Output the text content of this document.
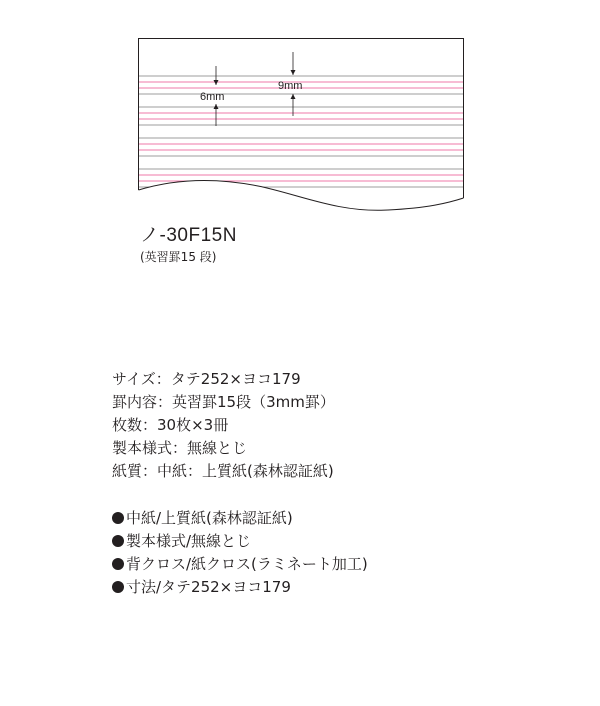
6mm
9mm
ノ-30F15N
(英習罫15 段)
サイズ：タテ252×ヨコ179
罫内容：英習罫15段（3mm罫）
枚数：30枚×3冊
製本様式：無線とじ
紙質：中紙：上質紙(森林認証紙)
中紙/上質紙(森林認証紙)
製本様式/無線とじ
背クロス/紙クロス(ラミネート加工)
寸法/タテ252×ヨコ179
